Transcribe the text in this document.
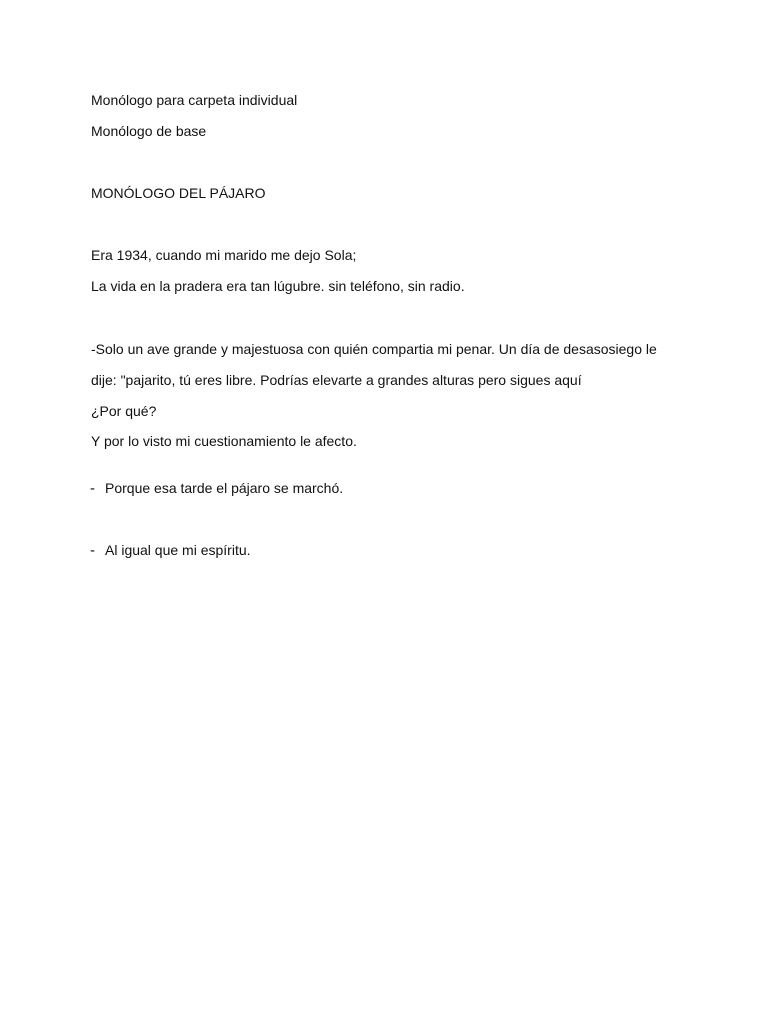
Monólogo para carpeta individual
Monólogo de base
MONÓLOGO DEL PÁJARO
Era 1934, cuando mi marido me dejo Sola;
La vida en la pradera era tan lúgubre. sin teléfono, sin radio.
-Solo un ave grande y majestuosa con quién compartia mi penar. Un día de desasosiego le
dije: "pajarito, tú eres libre. Podrías elevarte a grandes alturas pero sigues aquí
¿Por qué?
Y por lo visto mi cuestionamiento le afecto.
- Porque esa tarde el pájaro se marchó.
- Al igual que mi espíritu.
